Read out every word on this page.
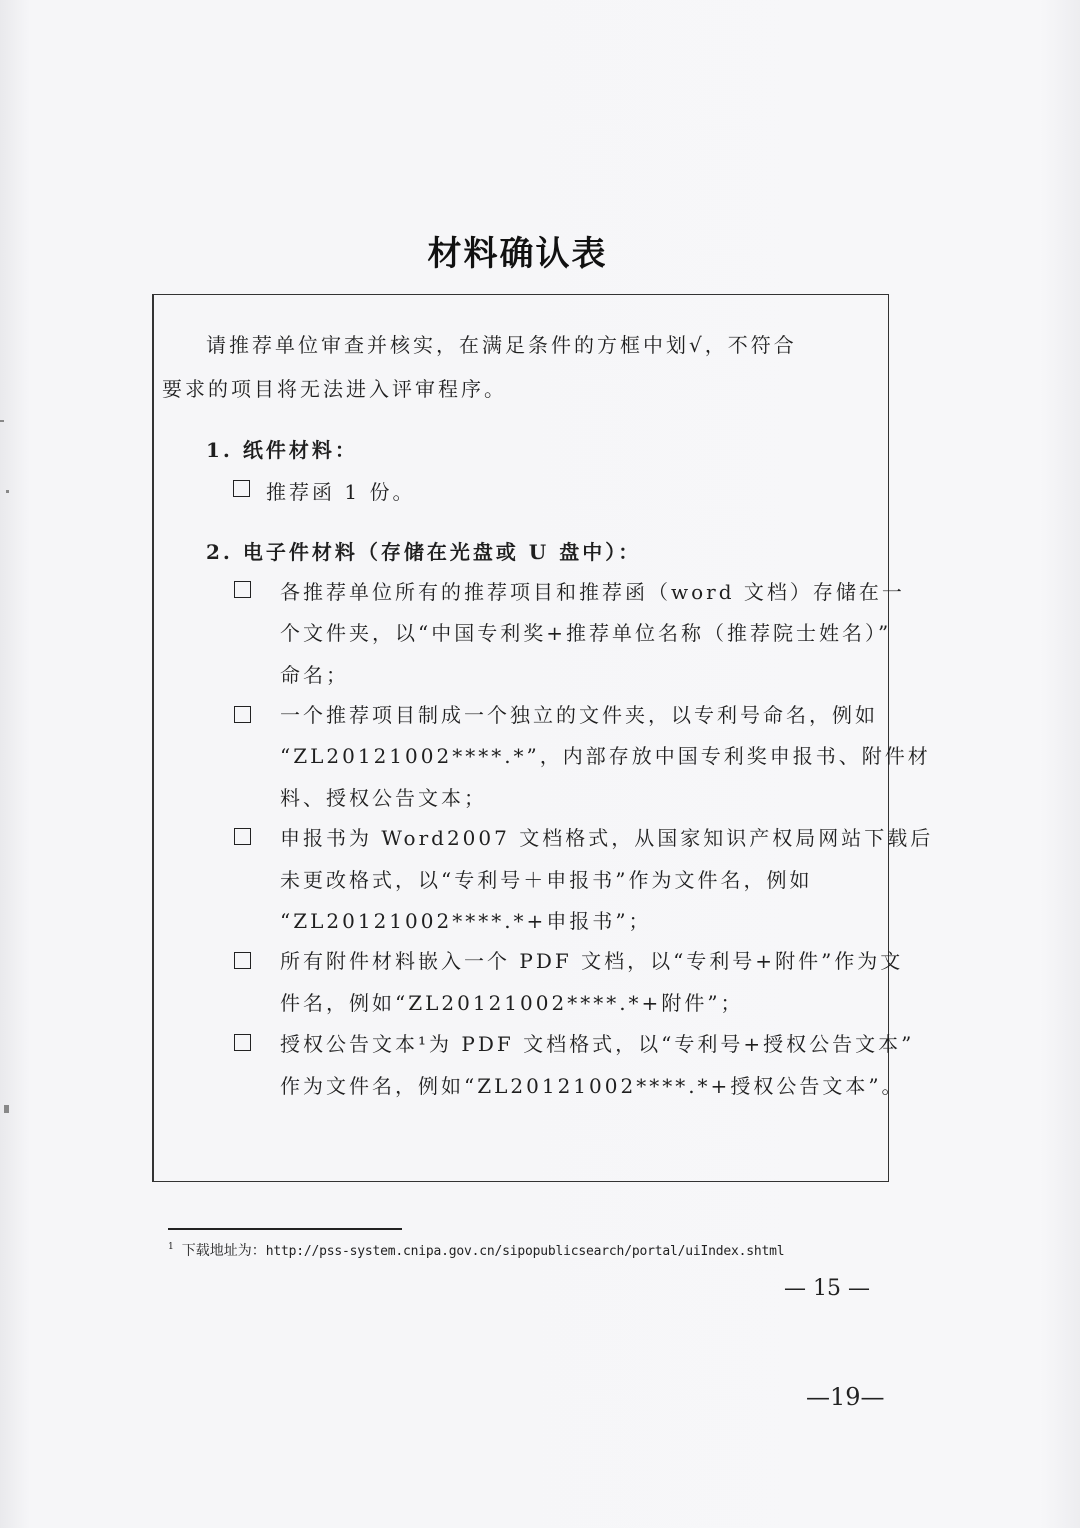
材料确认表
请推荐单位审查并核实，在满足条件的方框中划√，不符合
要求的项目将无法进入评审程序。
1. 纸件材料：
推荐函 1 份。
2. 电子件材料（存储在光盘或 U 盘中）：
各推荐单位所有的推荐项目和推荐函（word 文档）存储在一
个文件夹，以“中国专利奖+推荐单位名称（推荐院士姓名）”
命名；
一个推荐项目制成一个独立的文件夹，以专利号命名，例如
“ZL20121002****.*”，内部存放中国专利奖申报书、附件材
料、授权公告文本；
申报书为 Word2007 文档格式，从国家知识产权局网站下载后
未更改格式，以“专利号＋申报书”作为文件名，例如
“ZL20121002****.*+申报书”；
所有附件材料嵌入一个 PDF 文档，以“专利号+附件”作为文
件名，例如“ZL20121002****.*+附件”；
授权公告文本¹为 PDF 文档格式，以“专利号+授权公告文本”
作为文件名，例如“ZL20121002****.*+授权公告文本”。
$^1$ 下载地址为：http://pss-system.cnipa.gov.cn/sipopublicsearch/portal/uiIndex.shtml
— 15 —
—19—
